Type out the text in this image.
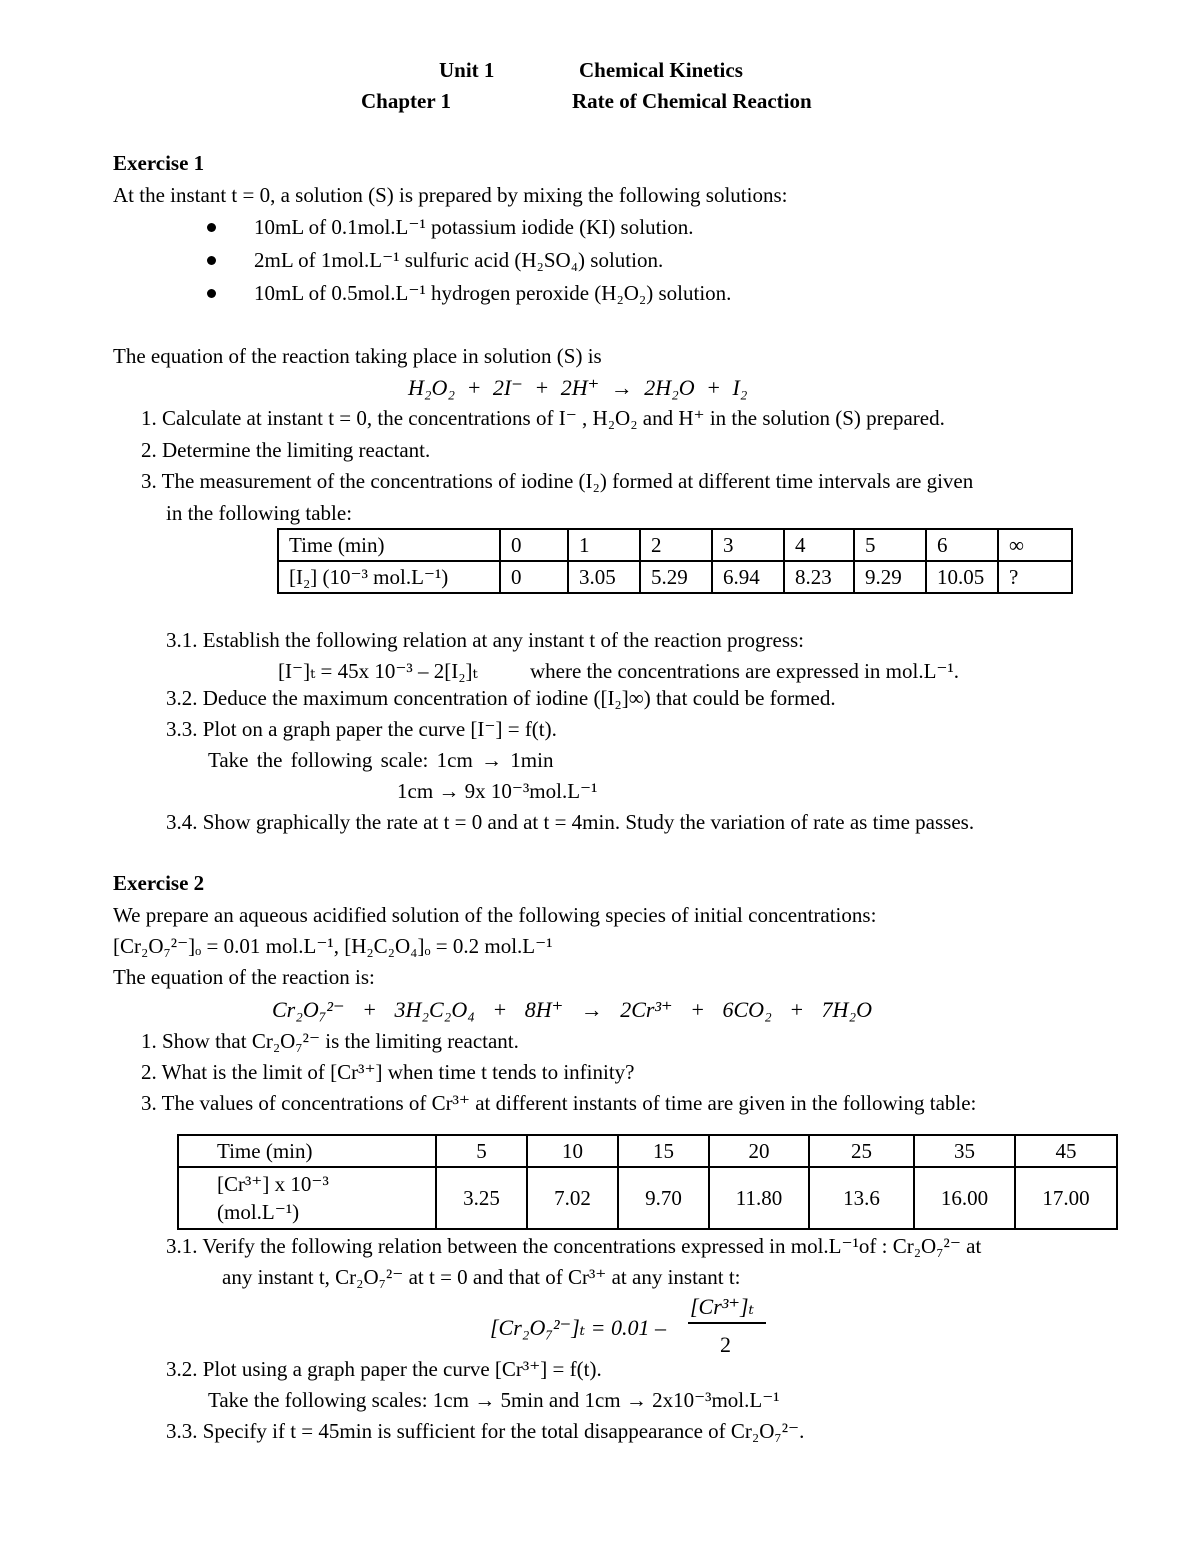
Unit 1	Chemical Kinetics
Chapter 1	Rate of Chemical Reaction
Exercise 1
At the instant t = 0, a solution (S) is prepared by mixing the following solutions:
10mL of 0.1mol.L⁻¹ potassium iodide (KI) solution.
2mL of 1mol.L⁻¹ sulfuric acid (H₂SO₄) solution.
10mL of 0.5mol.L⁻¹ hydrogen peroxide (H₂O₂) solution.
The equation of the reaction taking place in solution (S) is
H₂O₂ + 2I⁻ + 2H⁺ → 2H₂O + I₂
1. Calculate at instant t = 0, the concentrations of I⁻ , H₂O₂ and H⁺ in the solution (S) prepared.
2. Determine the limiting reactant.
3. The measurement of the concentrations of iodine (I₂) formed at different time intervals are given
in the following table:
Time (min)	0	1	2	3	4	5	6	∞
[I₂] (10⁻³ mol.L⁻¹)	0	3.05	5.29	6.94	8.23	9.29	10.05	?
3.1. Establish the following relation at any instant t of the reaction progress:
[I⁻]ₜ = 45x 10⁻³ – 2[I₂]ₜ where the concentrations are expressed in mol.L⁻¹.
3.2. Deduce the maximum concentration of iodine ([I₂]∞) that could be formed.
3.3. Plot on a graph paper the curve [I⁻] = f(t).
Take the following scale: 1cm → 1min
1cm → 9x 10⁻³mol.L⁻¹
3.4. Show graphically the rate at t = 0 and at t = 4min. Study the variation of rate as time passes.
Exercise 2
We prepare an aqueous acidified solution of the following species of initial concentrations:
[Cr₂O₇²⁻]ₒ = 0.01 mol.L⁻¹, [H₂C₂O₄]ₒ = 0.2 mol.L⁻¹
The equation of the reaction is:
Cr₂O₇²⁻ + 3H₂C₂O₄ + 8H⁺ → 2Cr³⁺ + 6CO₂ + 7H₂O
1. Show that Cr₂O₇²⁻ is the limiting reactant.
2. What is the limit of [Cr³⁺] when time t tends to infinity?
3. The values of concentrations of Cr³⁺ at different instants of time are given in the following table:
Time (min)	5	10	15	20	25	35	45

[Cr³⁺] x 10⁻³
(mol.L⁻¹)	3.25	7.02	9.70	11.80	13.6	16.00	17.00
3.1. Verify the following relation between the concentrations expressed in mol.L⁻¹of : Cr₂O₇²⁻ at
any instant t, Cr₂O₇²⁻ at t = 0 and that of Cr³⁺ at any instant t:
[Cr₂O₇²⁻]ₜ = 0.01 –
[Cr³⁺]ₜ
2
3.2. Plot using a graph paper the curve [Cr³⁺] = f(t).
Take the following scales: 1cm → 5min and 1cm → 2x10⁻³mol.L⁻¹
3.3. Specify if t = 45min is sufficient for the total disappearance of Cr₂O₇²⁻.
